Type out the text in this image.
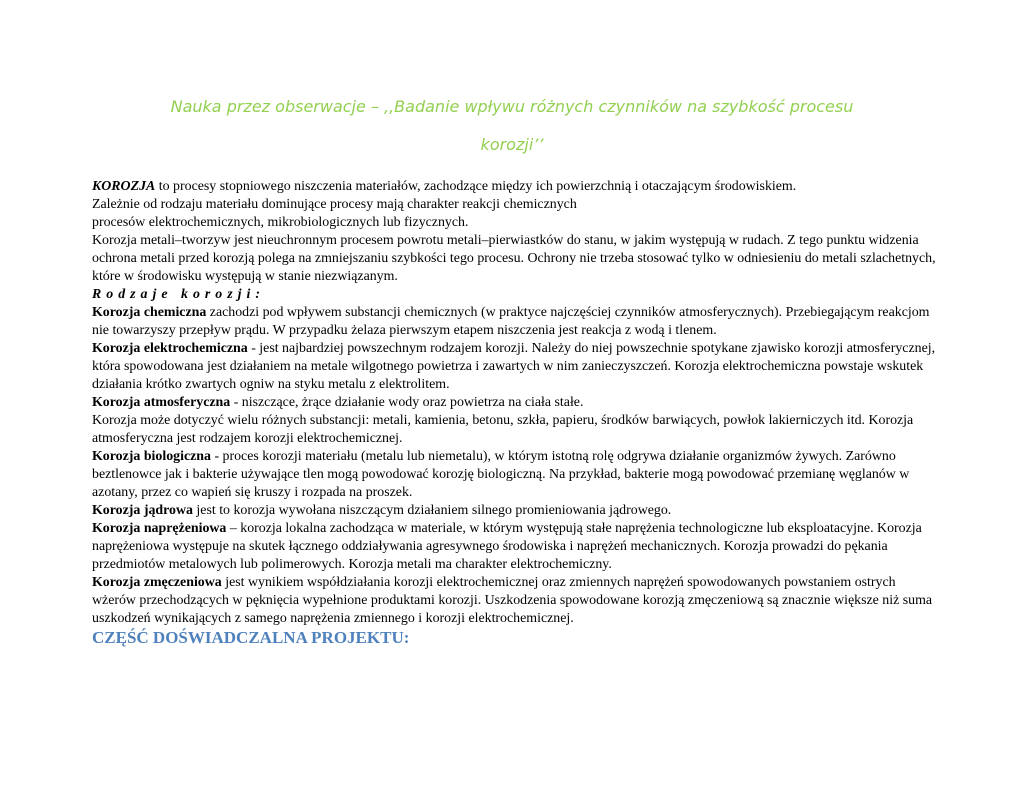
Nauka przez obserwacje – ,,Badanie wpływu różnych czynników na szybkość procesu
korozji’’

KOROZJA to procesy stopniowego niszczenia materiałów, zachodzące między ich powierzchnią i otaczającym środowiskiem.

Zależnie od rodzaju materiału dominujące procesy mają charakter reakcji chemicznych

procesów elektrochemicznych, mikrobiologicznych lub fizycznych.

Korozja metali–tworzyw jest nieuchronnym procesem powrotu metali–pierwiastków do stanu, w jakim występują w rudach. Z tego punktu widzenia ochrona metali przed korozją polega na zmniejszaniu szybkości tego procesu. Ochrony nie trzeba stosować tylko w odniesieniu do metali szlachetnych, które w środowisku występują w stanie niezwiązanym.

Rodzaje korozji:

Korozja chemiczna zachodzi pod wpływem substancji chemicznych (w praktyce najczęściej czynników atmosferycznych). Przebiegającym reakcjom nie towarzyszy przepływ prądu. W przypadku żelaza pierwszym etapem niszczenia jest reakcja z wodą i tlenem.

Korozja elektrochemiczna - jest najbardziej powszechnym rodzajem korozji. Należy do niej powszechnie spotykane zjawisko korozji atmosferycznej, która spowodowana jest działaniem na metale wilgotnego powietrza i zawartych w nim zanieczyszczeń. Korozja elektrochemiczna powstaje wskutek działania krótko zwartych ogniw na styku metalu z elektrolitem.

Korozja atmosferyczna - niszczące, żrące działanie wody oraz powietrza na ciała stałe.

Korozja może dotyczyć wielu różnych substancji: metali, kamienia, betonu, szkła, papieru, środków barwiących, powłok lakierniczych itd. Korozja atmosferyczna jest rodzajem korozji elektrochemicznej.

Korozja biologiczna - proces korozji materiału (metalu lub niemetalu), w którym istotną rolę odgrywa działanie organizmów żywych. Zarówno beztlenowce jak i bakterie używające tlen mogą powodować korozję biologiczną. Na przykład, bakterie mogą powodować przemianę węglanów w azotany, przez co wapień się kruszy i rozpada na proszek.

Korozja jądrowa jest to korozja wywołana niszczącym działaniem silnego promieniowania jądrowego.

Korozja naprężeniowa – korozja lokalna zachodząca w materiale, w którym występują stałe naprężenia technologiczne lub eksploatacyjne. Korozja naprężeniowa występuje na skutek łącznego oddziaływania agresywnego środowiska i naprężeń mechanicznych. Korozja prowadzi do pękania przedmiotów metalowych lub polimerowych. Korozja metali ma charakter elektrochemiczny.

Korozja zmęczeniowa jest wynikiem współdziałania korozji elektrochemicznej oraz zmiennych naprężeń spowodowanych powstaniem ostrych wżerów przechodzących w pęknięcia wypełnione produktami korozji. Uszkodzenia spowodowane korozją zmęczeniową są znacznie większe niż suma uszkodzeń wynikających z samego naprężenia zmiennego i korozji elektrochemicznej.

CZĘŚĆ DOŚWIADCZALNA PROJEKTU:
